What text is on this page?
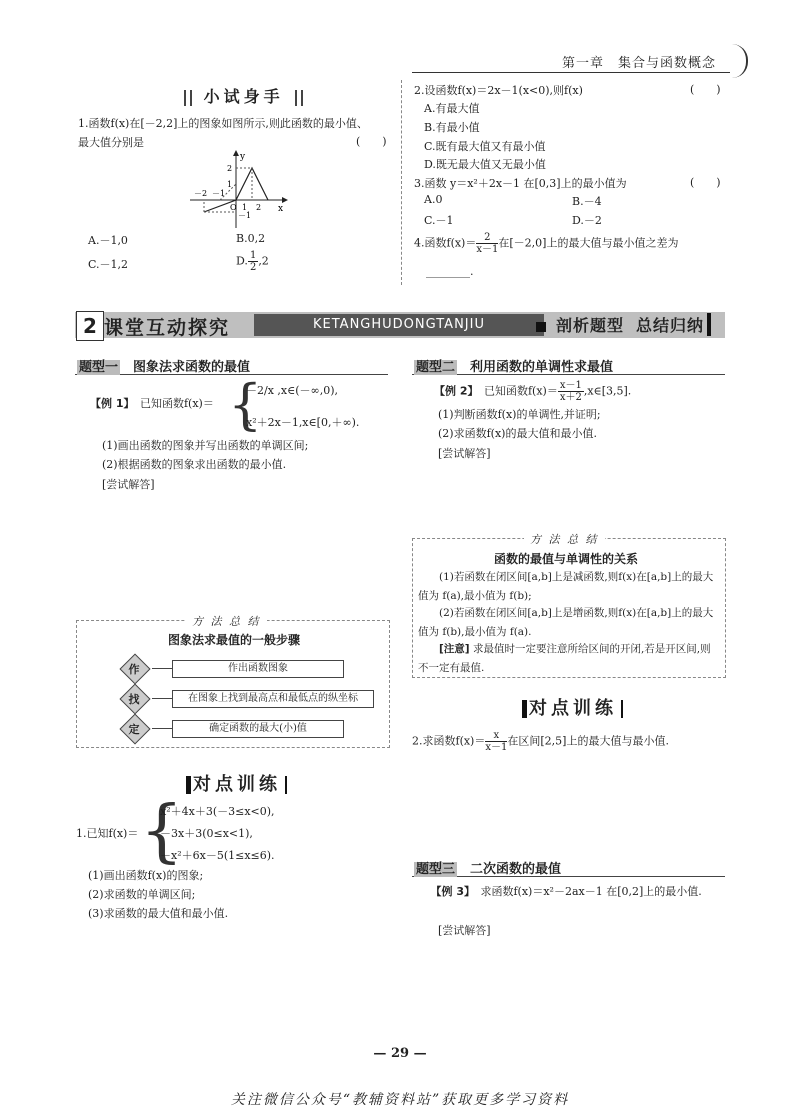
第一章　集合与函数概念
小试身手
1.函数f(x)在[－2,2]上的图象如图所示,则此函数的最小值、最大值分别是	(　　)
y
x
－2 －1
O 1 2
2
1
－1
A.－1,0	B.0,2
C.－1,2	D. $\frac{1}{2},2$
2.设函数f(x)＝2x－1(x<0),则f(x)	(　　)
A.有最大值
B.有最小值
C.既有最大值又有最小值
D.既无最大值又无最小值
3.函数 y＝x²＋2x－1 在[0,3]上的最小值为	(　　)
A.0	B.－4
C.－1	D.－2
4.函数$f(x)= \frac{2}{x-1}$在[－2,0]上的最大值与最小值之差为
________.
2 课堂互动探究	KETANGHUDONGTANJIU	剖析题型 总结归纳
题型一　图象法求函数的最值
【例 1】　 已知函数f(x)＝ {
－2/x ,x∈(－∞,0),
x²＋2x－1,x∈[0,＋∞).
(1)画出函数的图象并写出函数的单调区间;
(2)根据函数的图象求出函数的最小值.
[尝试解答]
方 法 总 结
图象法求最值的一般步骤
作
找
定
作出函数图象
在图象上找到最高点和最低点的纵坐标
确定函数的最大(小)值
对点训练
1.已知f(x)＝ {
x²＋4x＋3(－3≤x<0),
－3x＋3(0≤x<1),
－x²＋6x－5(1≤x≤6).
(1)画出函数f(x)的图象;
(2)求函数的单调区间;
(3)求函数的最大值和最小值.
题型二　利用函数的单调性求最值
【例 2】　 已知函数$f(x)= \frac{x-1}{x+2},x\in[3,5]$.
(1)判断函数f(x)的单调性,并证明;
(2)求函数f(x)的最大值和最小值.
[尝试解答]
方 法 总 结
函数的最值与单调性的关系
(1)若函数在闭区间[a,b]上是减函数,则f(x)在[a,b]上的最大值为 f(a),最小值为 f(b);
(2)若函数在闭区间[a,b]上是增函数,则f(x)在[a,b]上的最大值为 f(b),最小值为 f(a).
[注意] 求最值时一定要注意所给区间的开闭,若是开区间,则不一定有最值.
对点训练
2.求函数$f(x)= \frac{x}{x-1}$在区间[2,5]上的最大值与最小值.
题型三　二次函数的最值
【例 3】　 求函数f(x)＝x²－2ax－1 在[0,2]上的最小值.
[尝试解答]
— 29 —
关注微信公众号“教辅资料站”获取更多学习资料
